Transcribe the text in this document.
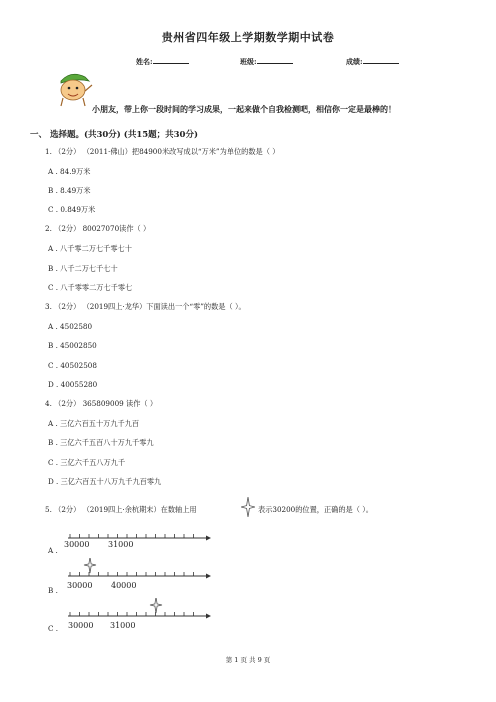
贵州省四年级上学期数学期中试卷
姓名:	班级:	成绩:
小朋友，带上你一段时间的学习成果，一起来做个自我检测吧，相信你一定是最棒的！
一、 选择题。(共30分) (共15题；共30分)
1. （2分） （2011·佛山）把84900米改写成以“万米”为单位的数是（ ）
A . 84.9万米
B . 8.49万米
C . 0.849万米
2. （2分） 80027070读作（ ）
A . 八千零二万七千零七十
B . 八千二万七千七十
C . 八千零零二万七千零七
3. （2分） （2019四上·龙华）下面读出一个“零”的数是（ ）。
A . 4502580
B . 45002850
C . 40502508
D . 40055280
4. （2分） 365809009 读作（ ）
A . 三亿六百五十万九千九百
B . 三亿六千五百八十万九千零九
C . 三亿六千五八万九千
D . 三亿六百五十八万九千九百零九
5. （2分） （2019四上·余杭期末）在数轴上用	表示30200的位置，正确的是（ ）。
A .
30000 31000
B .
30000 40000
C . 30000 31000
第 1 页 共 9 页
